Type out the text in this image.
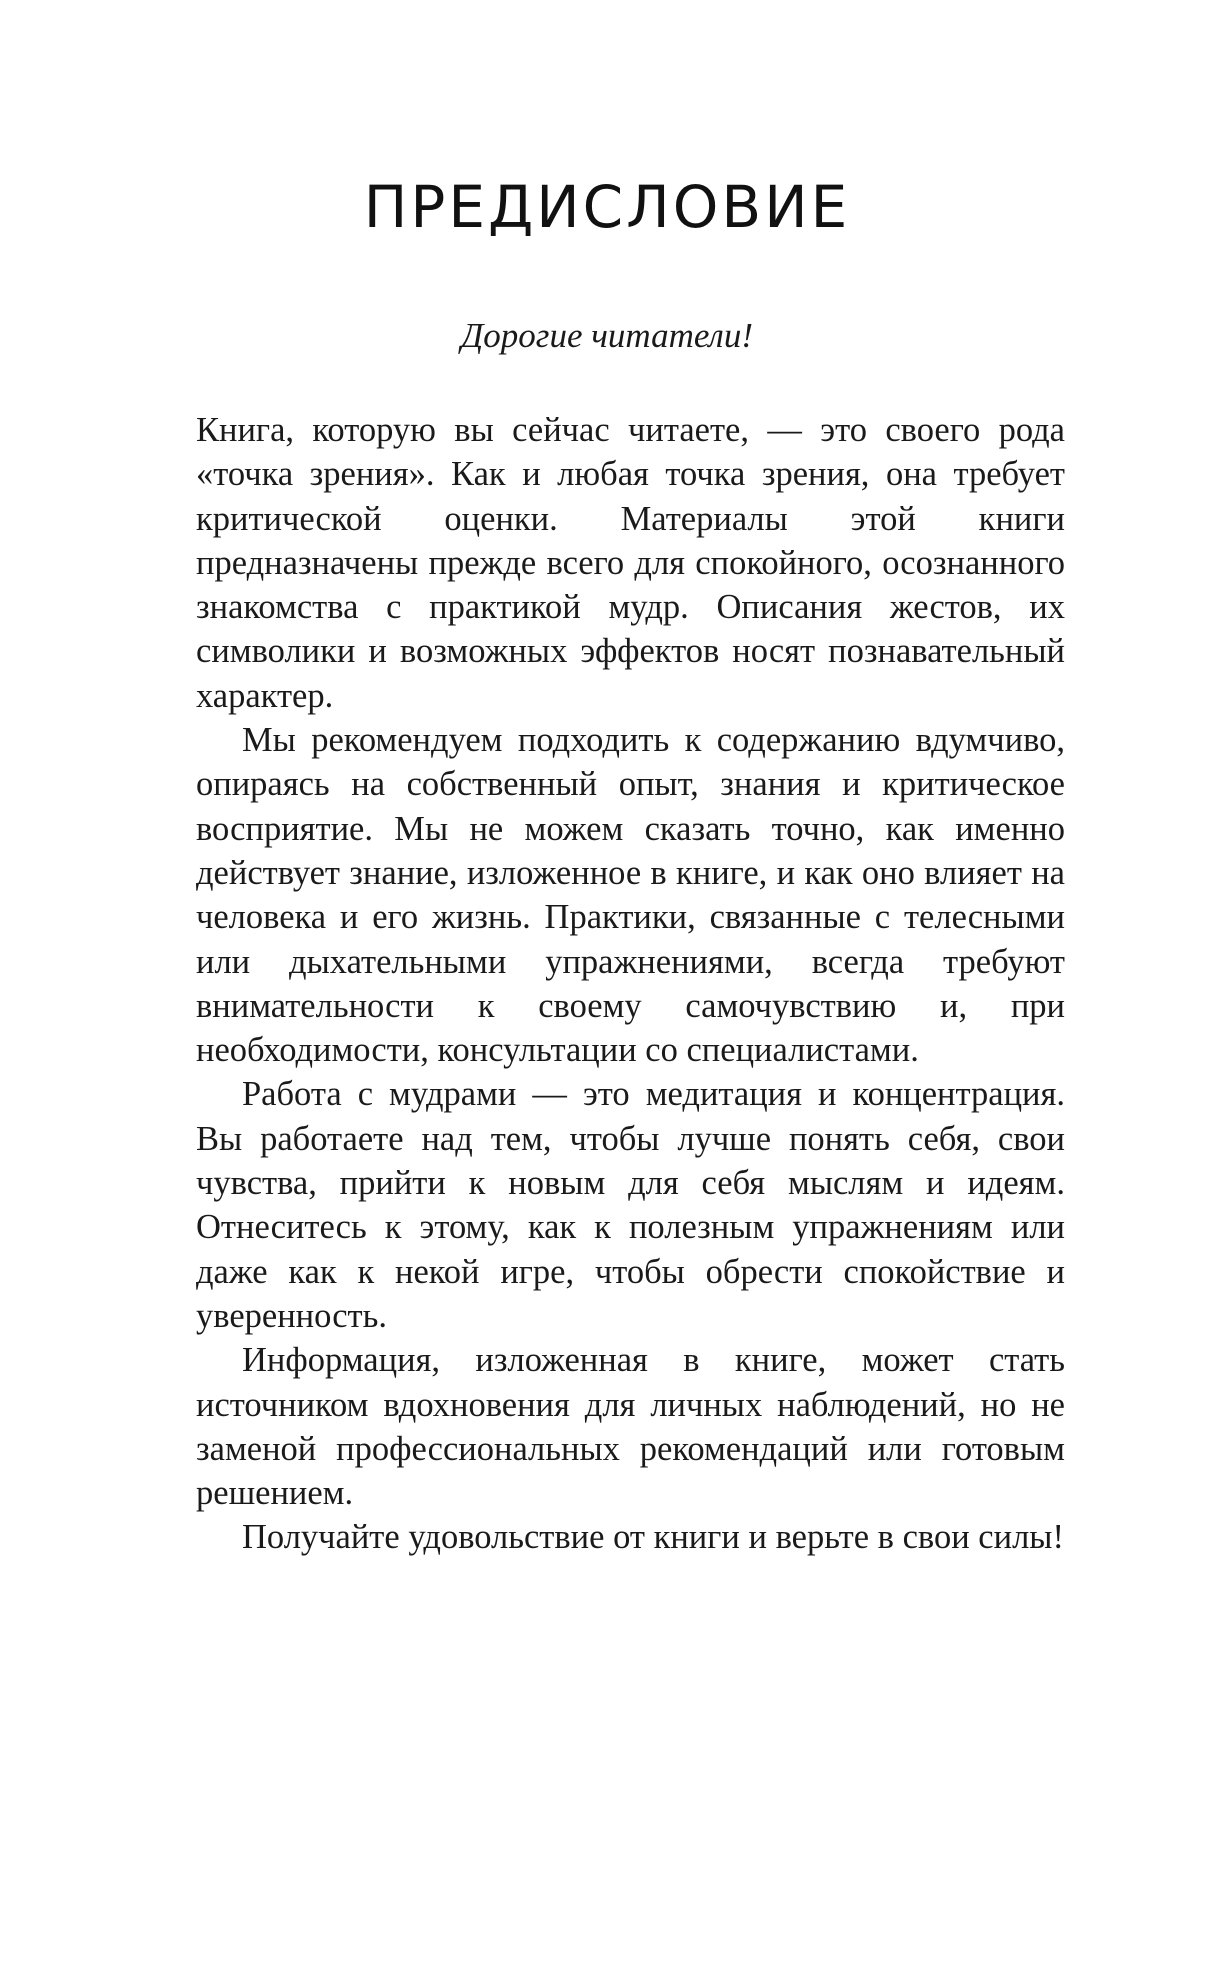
ПРЕДИСЛОВИЕ
Дорогие читатели!

Книга, которую вы сейчас читаете, — это своего рода «точка зрения». Как и любая точка зрения, она требует критической оценки. Материалы этой книги предназначены прежде всего для спокойного, осознанного знакомства с практикой мудр. Описания жестов, их символики и возможных эффектов носят познавательный характер.

Мы рекомендуем подходить к содержанию вдумчиво, опираясь на собственный опыт, знания и критическое восприятие. Мы не можем сказать точно, как именно действует знание, изложенное в книге, и как оно влияет на человека и его жизнь. Практики, связанные с телесными или дыхательными упражнениями, всегда требуют внимательности к своему самочувствию и, при необходимости, консультации со специалистами.

Работа с мудрами — это медитация и концентрация. Вы работаете над тем, чтобы лучше понять себя, свои чувства, прийти к новым для себя мыслям и идеям. Отнеситесь к этому, как к полезным упражнениям или даже как к некой игре, чтобы обрести спокойствие и уверенность.

Информация, изложенная в книге, может стать источником вдохновения для личных наблюдений, но не заменой профессиональных рекомендаций или готовым решением.

Получайте удовольствие от книги и верьте в свои силы!
